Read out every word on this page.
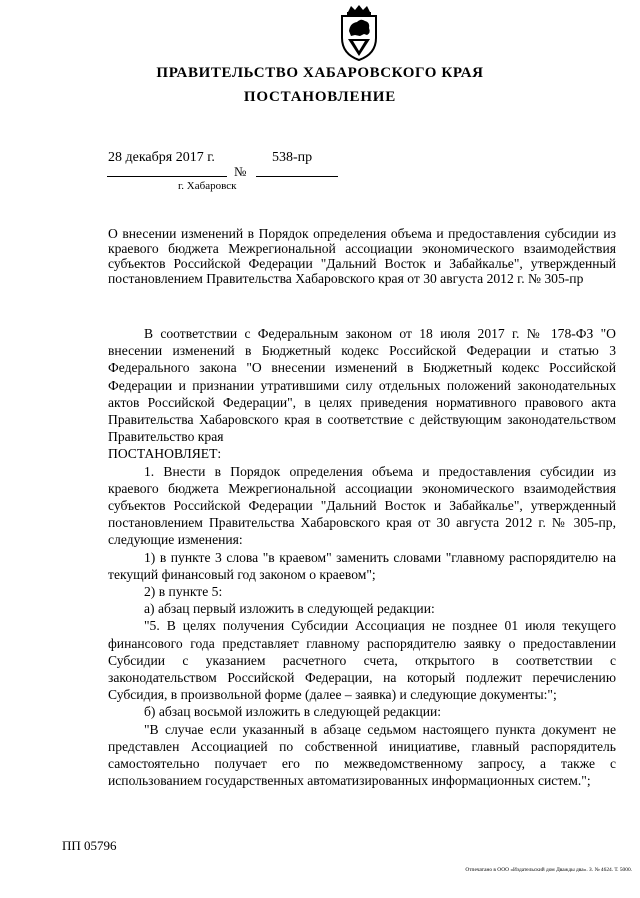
ПРАВИТЕЛЬСТВО ХАБАРОВСКОГО КРАЯ
ПОСТАНОВЛЕНИЕ
28 декабря 2017 г.	538-пр
№
г. Хабаровск
О внесении изменений в Порядок определения объема и предоставления субсидии из краевого бюджета Межрегиональной ассоциации экономического взаимодействия субъектов Российской Федерации "Дальний Восток и Забайкалье", утвержденный постановлением Правительства Хабаровского края от 30 августа 2012 г. № 305-пр

В соответствии с Федеральным законом от 18 июля 2017 г. № 178-ФЗ "О внесении изменений в Бюджетный кодекс Российской Федерации и статью 3 Федерального закона "О внесении изменений в Бюджетный кодекс Российской Федерации и признании утратившими силу отдельных положений законодательных актов Российской Федерации", в целях приведения нормативного правового акта Правительства Хабаровского края в соответствие с действующим законодательством Правительство края

ПОСТАНОВЛЯЕТ:

1. Внести в Порядок определения объема и предоставления субсидии из краевого бюджета Межрегиональной ассоциации экономического взаимодействия субъектов Российской Федерации "Дальний Восток и Забайкалье", утвержденный постановлением Правительства Хабаровского края от 30 августа 2012 г. № 305-пр, следующие изменения:

1) в пункте 3 слова "в краевом" заменить словами "главному распорядителю на текущий финансовый год законом о краевом";

2) в пункте 5:

а) абзац первый изложить в следующей редакции:

"5. В целях получения Субсидии Ассоциация не позднее 01 июля текущего финансового года представляет главному распорядителю заявку о предоставлении Субсидии с указанием расчетного счета, открытого в соответствии с законодательством Российской Федерации, на который подлежит перечислению Субсидия, в произвольной форме (далее – заявка) и следующие документы:";

б) абзац восьмой изложить в следующей редакции:

"В случае если указанный в абзаце седьмом настоящего пункта документ не представлен Ассоциацией по собственной инициативе, главный распорядитель самостоятельно получает его по межведомственному запросу, а также с использованием государственных автоматизированных информационных систем.";

ПП 05796
Отпечатано в ООО «Издательский дом Дважды два». З. № 4624. Т. 5000.
